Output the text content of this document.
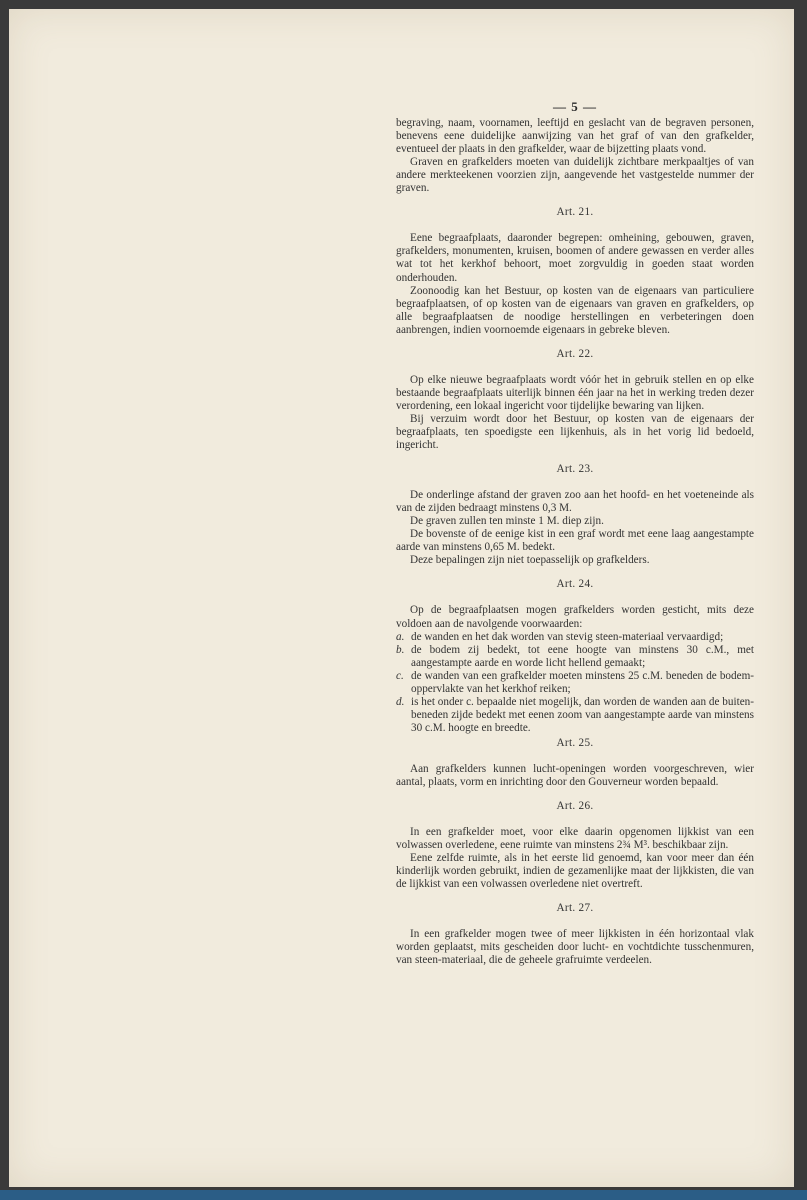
— 5 —

begraving, naam, voornamen, leeftijd en geslacht van de begraven personen, benevens eene duidelijke aanwijzing van het graf of van den grafkelder, eventueel der plaats in den grafkelder, waar de bijzetting plaats vond.

Graven en grafkelders moeten van duidelijk zichtbare merkpaaltjes of van andere merkteekenen voorzien zijn, aangevende het vastgestelde nummer der graven.

Art. 21.

Eene begraafplaats, daaronder begrepen: omheining, gebouwen, graven, grafkelders, monumenten, kruisen, boomen of andere gewassen en verder alles wat tot het kerkhof behoort, moet zorgvuldig in goeden staat worden onderhouden.

Zoonoodig kan het Bestuur, op kosten van de eigenaars van particuliere begraafplaatsen, of op kosten van de eigenaars van graven en grafkelders, op alle begraafplaatsen de noodige herstellingen en verbeteringen doen aanbrengen, indien voornoemde eigenaars in gebreke bleven.

Art. 22.

Op elke nieuwe begraafplaats wordt vóór het in gebruik stellen en op elke bestaande begraafplaats uiterlijk binnen één jaar na het in werking treden dezer verordening, een lokaal ingericht voor tijdelijke bewaring van lijken.

Bij verzuim wordt door het Bestuur, op kosten van de eigenaars der begraafplaats, ten spoedigste een lijkenhuis, als in het vorig lid bedoeld, ingericht.

Art. 23.

De onderlinge afstand der graven zoo aan het hoofd- en het voeteneinde als van de zijden bedraagt minstens 0,3 M.

De graven zullen ten minste 1 M. diep zijn.

De bovenste of de eenige kist in een graf wordt met eene laag aangestampte aarde van minstens 0,65 M. bedekt.

Deze bepalingen zijn niet toepasselijk op grafkelders.

Art. 24.

Op de begraafplaatsen mogen grafkelders worden gesticht, mits deze voldoen aan de navolgende voorwaarden:

a. de wanden en het dak worden van stevig steen-materiaal vervaardigd;
b. de bodem zij bedekt, tot eene hoogte van minstens 30 c.M., met aangestampte aarde en worde licht hellend gemaakt;
c. de wanden van een grafkelder moeten minstens 25 c.M. beneden de bodem-oppervlakte van het kerkhof reiken;
d. is het onder c. bepaalde niet mogelijk, dan worden de wanden aan de buiten-beneden zijde bedekt met eenen zoom van aangestampte aarde van minstens 30 c.M. hoogte en breedte.
Art. 25.

Aan grafkelders kunnen lucht-openingen worden voorgeschreven, wier aantal, plaats, vorm en inrichting door den Gouverneur worden bepaald.

Art. 26.

In een grafkelder moet, voor elke daarin opgenomen lijkkist van een volwassen overledene, eene ruimte van minstens 2¾ M³. beschikbaar zijn.

Eene zelfde ruimte, als in het eerste lid genoemd, kan voor meer dan één kinderlijk worden gebruikt, indien de gezamenlijke maat der lijkkisten, die van de lijkkist van een volwassen overledene niet overtreft.

Art. 27.

In een grafkelder mogen twee of meer lijkkisten in één horizontaal vlak worden geplaatst, mits gescheiden door lucht- en vochtdichte tusschenmuren, van steen-materiaal, die de geheele grafruimte verdeelen.
